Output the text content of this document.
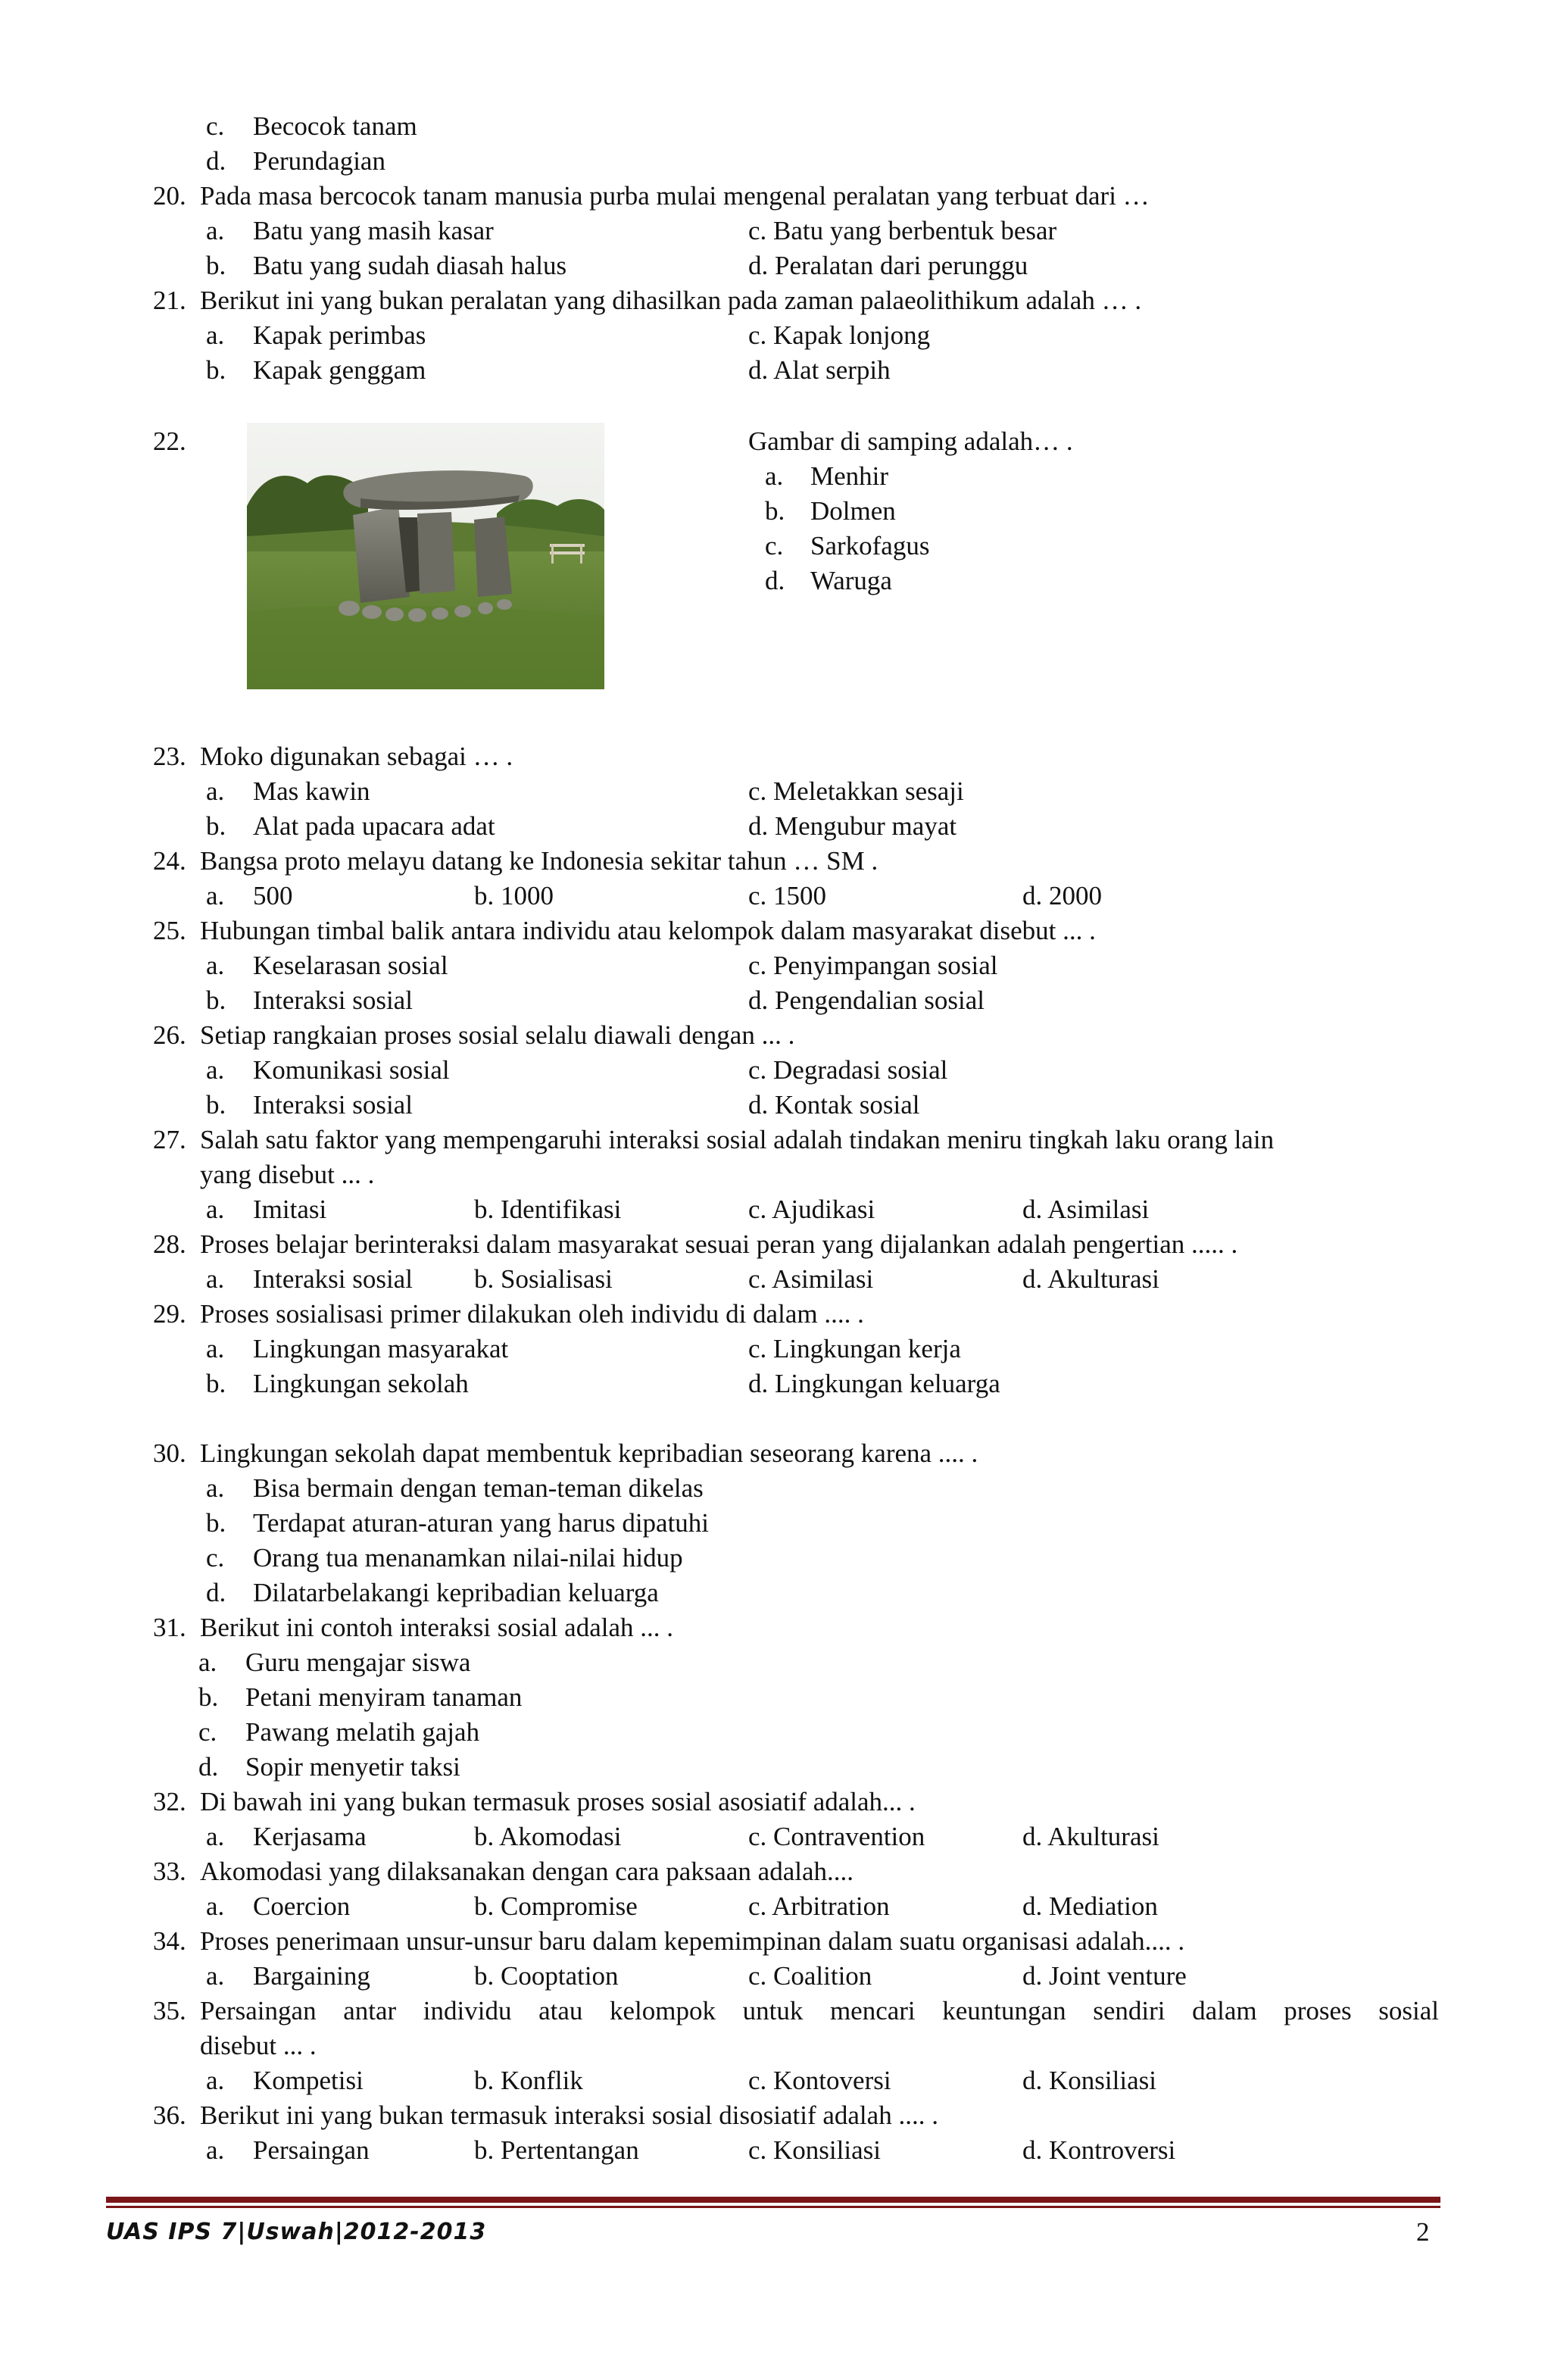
c. Becocok tanam
d. Perundagian
20. Pada masa bercocok tanam manusia purba mulai mengenal peralatan yang terbuat dari …
a. Batu yang masih kasar	c. Batu yang berbentuk besar
b. Batu yang sudah diasah halus	d. Peralatan dari perunggu
21. Berikut ini yang bukan peralatan yang dihasilkan pada zaman palaeolithikum adalah … .
a. Kapak perimbas	c. Kapak lonjong
b. Kapak genggam	d. Alat serpih
22.	Gambar di samping adalah… .
a. Menhir
b. Dolmen
c. Sarkofagus
d. Waruga
23. Moko digunakan sebagai … .
a. Mas kawin	c. Meletakkan sesaji
b. Alat pada upacara adat	d. Mengubur mayat
24. Bangsa proto melayu datang ke Indonesia sekitar tahun … SM .
a. 500	b. 1000	c. 1500	d. 2000
25. Hubungan timbal balik antara individu atau kelompok dalam masyarakat disebut ... .
a. Keselarasan sosial	c. Penyimpangan sosial
b. Interaksi sosial	d. Pengendalian sosial
26. Setiap rangkaian proses sosial selalu diawali dengan ... .
a. Komunikasi sosial	c. Degradasi sosial
b. Interaksi sosial	d. Kontak sosial
27. Salah satu faktor yang mempengaruhi interaksi sosial adalah tindakan meniru tingkah laku orang lain
yang disebut ... .
a. Imitasi	b. Identifikasi	c. Ajudikasi	d. Asimilasi
28. Proses belajar berinteraksi dalam masyarakat sesuai peran yang dijalankan adalah pengertian ..... .
a. Interaksi sosial b. Sosialisasi	c. Asimilasi	d. Akulturasi
29. Proses sosialisasi primer dilakukan oleh individu di dalam .... .
a. Lingkungan masyarakat	c. Lingkungan kerja
b. Lingkungan sekolah	d. Lingkungan keluarga
30. Lingkungan sekolah dapat membentuk kepribadian seseorang karena .... .
a. Bisa bermain dengan teman-teman dikelas
b. Terdapat aturan-aturan yang harus dipatuhi
c. Orang tua menanamkan nilai-nilai hidup
d. Dilatarbelakangi kepribadian keluarga
31. Berikut ini contoh interaksi sosial adalah ... .
a. Guru mengajar siswa
b. Petani menyiram tanaman
c. Pawang melatih gajah
d. Sopir menyetir taksi
32. Di bawah ini yang bukan termasuk proses sosial asosiatif adalah... .
a. Kerjasama	b. Akomodasi	c. Contravention	d. Akulturasi
33. Akomodasi yang dilaksanakan dengan cara paksaan adalah....
a. Coercion	b. Compromise	c. Arbitration	d. Mediation
34. Proses penerimaan unsur-unsur baru dalam kepemimpinan dalam suatu organisasi adalah.... .
a. Bargaining	b. Cooptation	c. Coalition	d. Joint venture
35. Persaingan antar individu atau kelompok untuk mencari keuntungan sendiri dalam proses sosial
disebut ... .
a. Kompetisi	b. Konflik	c. Kontoversi	d. Konsiliasi
36. Berikut ini yang bukan termasuk interaksi sosial disosiatif adalah .... .
a. Persaingan	b. Pertentangan	c. Konsiliasi	d. Kontroversi
UAS IPS 7|Uswah|2012-2013	2
